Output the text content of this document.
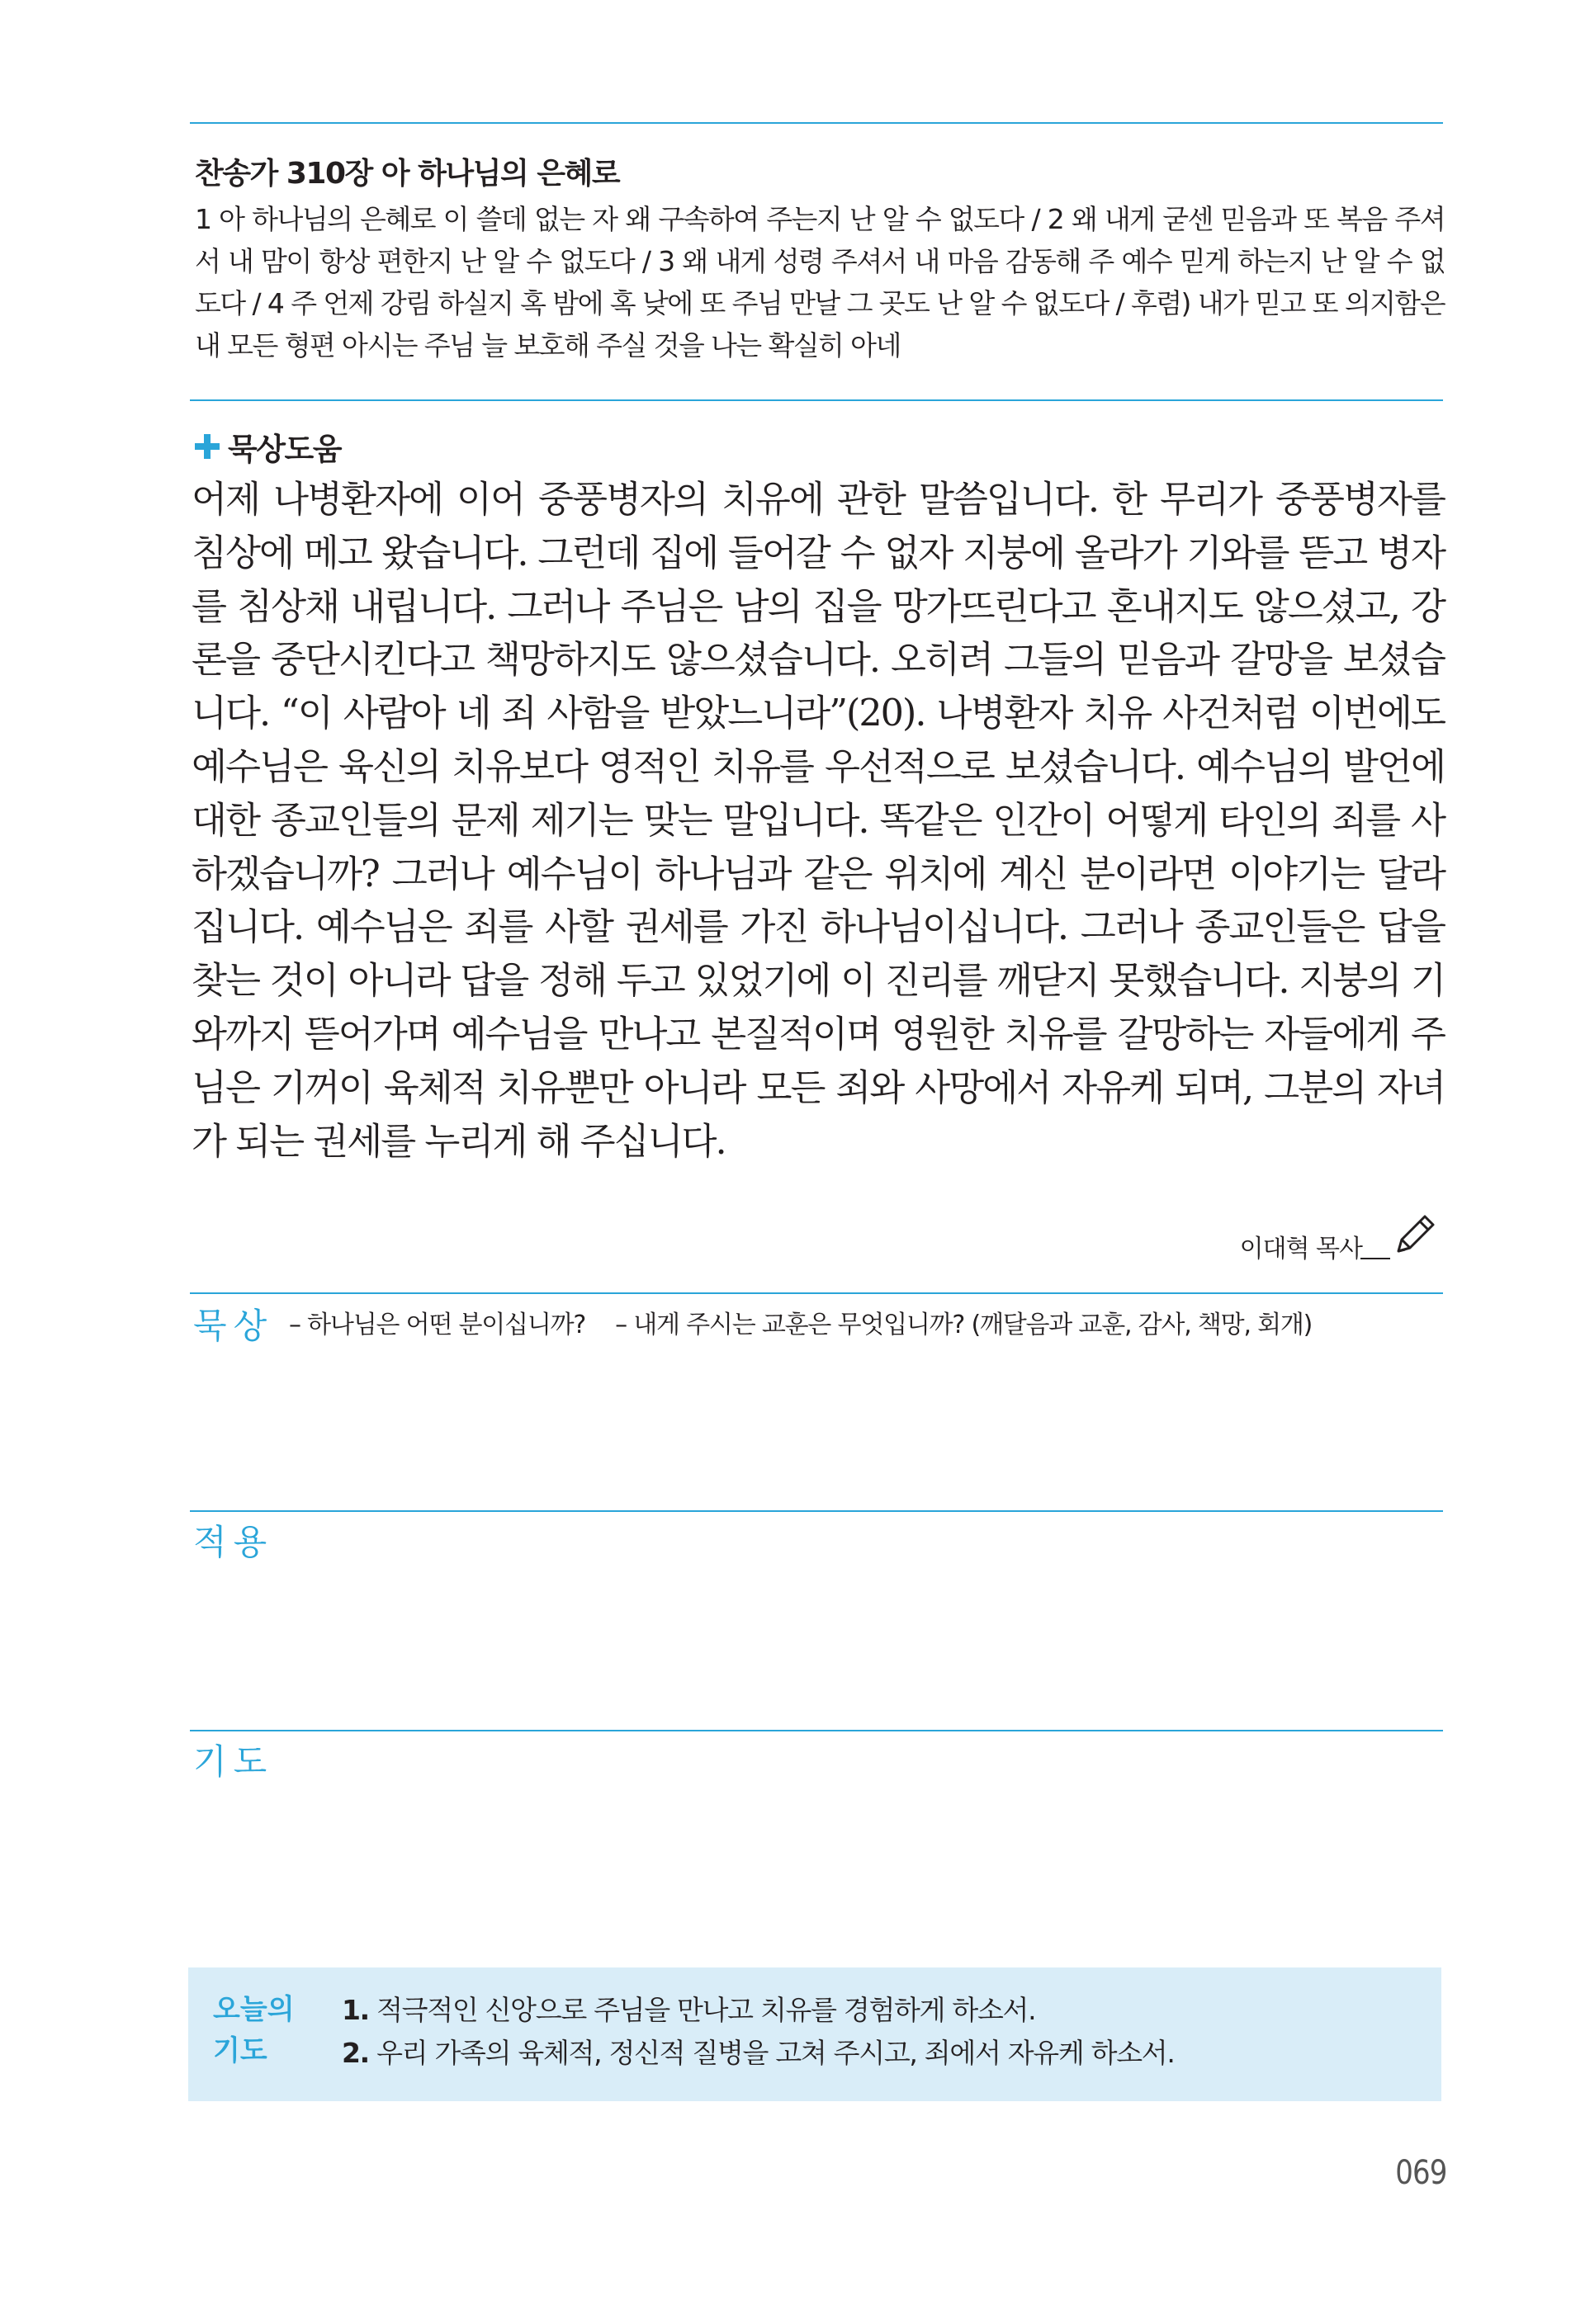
찬송가 310장 아 하나님의 은혜로
1 아 하나님의 은혜로 이 쓸데 없는 자 왜 구속하여 주는지 난 알 수 없도다 / 2 왜 내게 굳센 믿음과 또 복음 주셔서 내 맘이 항상 편한지 난 알 수 없도다 / 3 왜 내게 성령 주셔서 내 마음 감동해 주 예수 믿게 하는지 난 알 수 없도다 / 4 주 언제 강림 하실지 혹 밤에 혹 낮에 또 주님 만날 그 곳도 난 알 수 없도다 / 후렴) 내가 믿고 또 의지함은 내 모든 형편 아시는 주님 늘 보호해 주실 것을 나는 확실히 아네
묵상도움
어제 나병환자에 이어 중풍병자의 치유에 관한 말씀입니다. 한 무리가 중풍병자를 침상에 메고 왔습니다. 그런데 집에 들어갈 수 없자 지붕에 올라가 기와를 뜯고 병자를 침상채 내립니다. 그러나 주님은 남의 집을 망가뜨린다고 혼내지도 않으셨고, 강론을 중단시킨다고 책망하지도 않으셨습니다. 오히려 그들의 믿음과 갈망을 보셨습니다. “이 사람아 네 죄 사함을 받았느니라”(20). 나병환자 치유 사건처럼 이번에도 예수님은 육신의 치유보다 영적인 치유를 우선적으로 보셨습니다. 예수님의 발언에 대한 종교인들의 문제 제기는 맞는 말입니다. 똑같은 인간이 어떻게 타인의 죄를 사하겠습니까? 그러나 예수님이 하나님과 같은 위치에 계신 분이라면 이야기는 달라집니다. 예수님은 죄를 사할 권세를 가진 하나님이십니다. 그러나 종교인들은 답을 찾는 것이 아니라 답을 정해 두고 있었기에 이 진리를 깨닫지 못했습니다. 지붕의 기와까지 뜯어가며 예수님을 만나고 본질적이며 영원한 치유를 갈망하는 자들에게 주님은 기꺼이 육체적 치유뿐만 아니라 모든 죄와 사망에서 자유케 되며, 그분의 자녀가 되는 권세를 누리게 해 주십니다.
이대혁 목사
묵상 – 하나님은 어떤 분이십니까? – 내게 주시는 교훈은 무엇입니까? (깨달음과 교훈, 감사, 책망, 회개)
적용
기도
오늘의
기도
1. 적극적인 신앙으로 주님을 만나고 치유를 경험하게 하소서.
2. 우리 가족의 육체적, 정신적 질병을 고쳐 주시고, 죄에서 자유케 하소서.
069
